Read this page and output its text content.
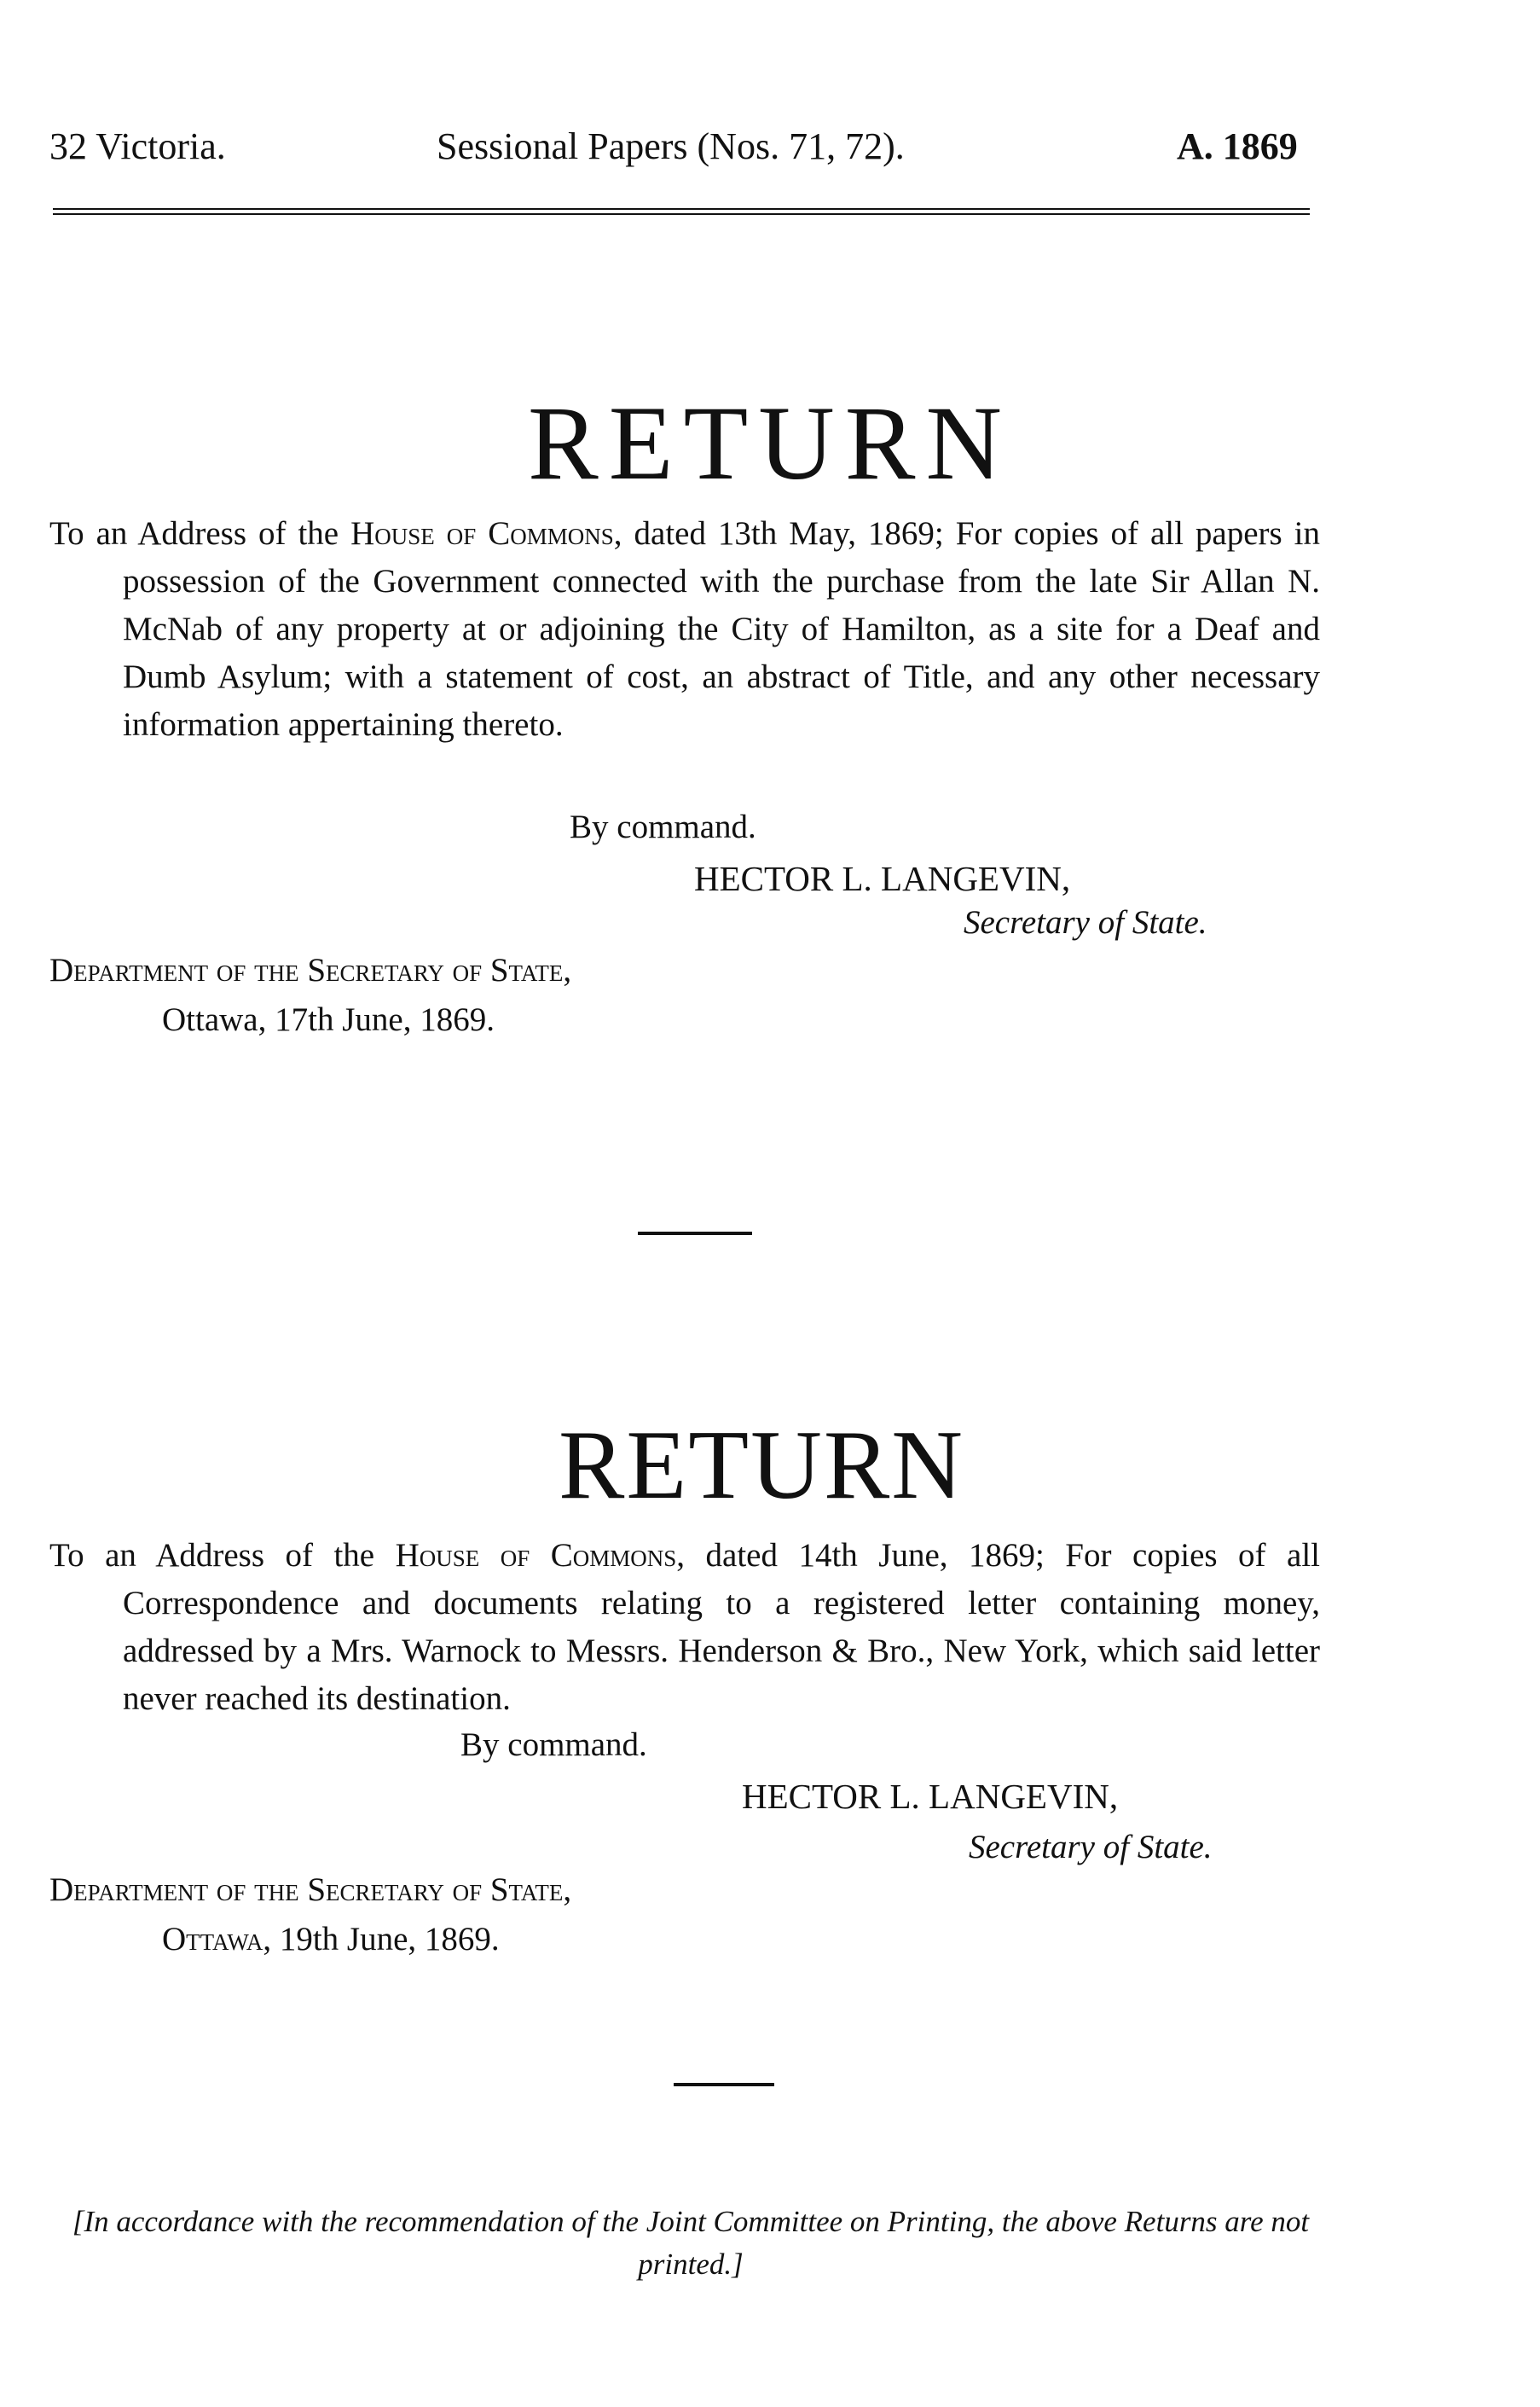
32 Victoria.	Sessional Papers (Nos. 71, 72).	A. 1869
RETURN
To an Address of the House of Commons, dated 13th May, 1869; For copies of all papers in possession of the Government connected with the purchase from the late Sir Allan N. McNab of any property at or adjoining the City of Hamilton, as a site for a Deaf and Dumb Asylum; with a statement of cost, an abstract of Title, and any other necessary information appertaining thereto.
By command.
HECTOR L. LANGEVIN,
Secretary of State.
Department of the Secretary of State,
Ottawa, 17th June, 1869.
RETURN
To an Address of the House of Commons, dated 14th June, 1869; For copies of all Correspondence and documents relating to a registered letter containing money, addressed by a Mrs. Warnock to Messrs. Henderson & Bro., New York, which said letter never reached its destination.
By command.
HECTOR L. LANGEVIN,
Secretary of State.
Department of the Secretary of State,
Ottawa, 19th June, 1869.
[In accordance with the recommendation of the Joint Committee on Printing, the above Returns are not printed.]
